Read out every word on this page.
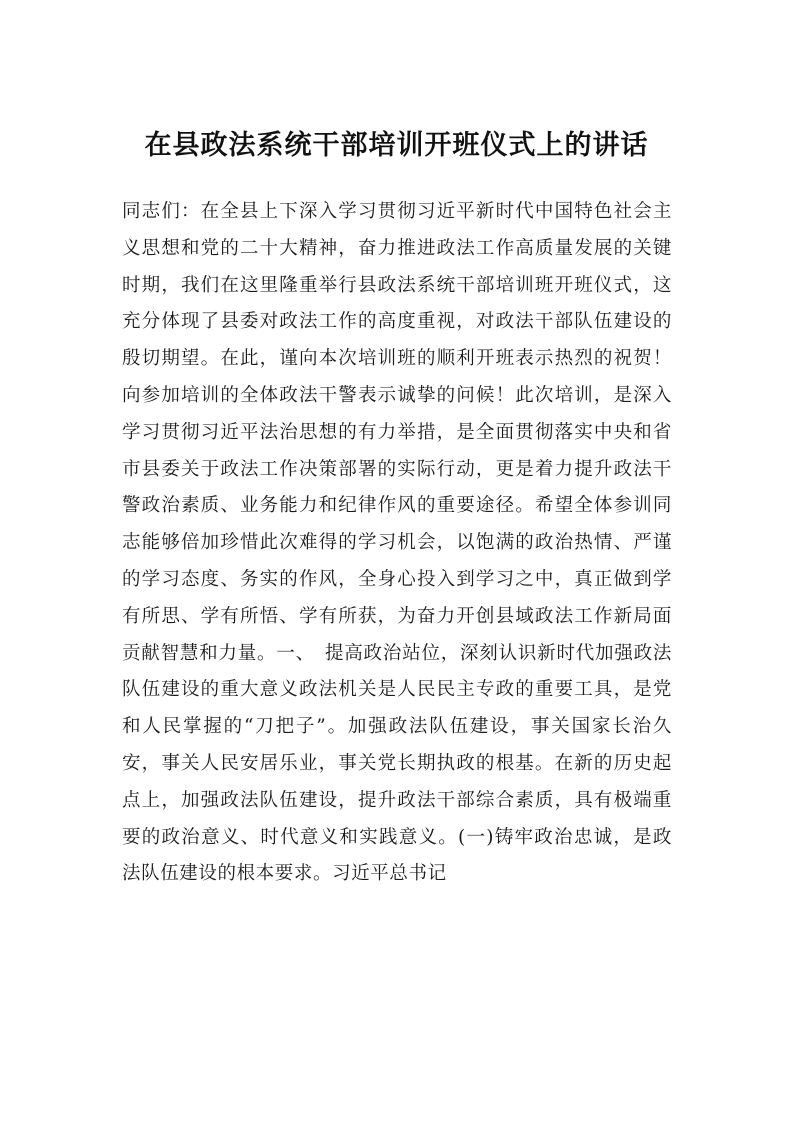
在县政法系统干部培训开班仪式上的讲话

同志们：在全县上下深入学习贯彻习近平新时代中国特色社会主义思想和党的二十大精神，奋力推进政法工作高质量发展的关键时期，我们在这里隆重举行县政法系统干部培训班开班仪式，这充分体现了县委对政法工作的高度重视，对政法干部队伍建设的殷切期望。在此，谨向本次培训班的顺利开班表示热烈的祝贺！向参加培训的全体政法干警表示诚挚的问候！此次培训，是深入学习贯彻习近平法治思想的有力举措，是全面贯彻落实中央和省市县委关于政法工作决策部署的实际行动，更是着力提升政法干警政治素质、业务能力和纪律作风的重要途径。希望全体参训同志能够倍加珍惜此次难得的学习机会，以饱满的政治热情、严谨的学习态度、务实的作风，全身心投入到学习之中，真正做到学有所思、学有所悟、学有所获，为奋力开创县域政法工作新局面贡献智慧和力量。一、　提高政治站位，深刻认识新时代加强政法队伍建设的重大意义政法机关是人民民主专政的重要工具，是党和人民掌握的“刀把子”。加强政法队伍建设，事关国家长治久安，事关人民安居乐业，事关党长期执政的根基。在新的历史起点上，加强政法队伍建设，提升政法干部综合素质，具有极端重要的政治意义、时代意义和实践意义。(一)铸牢政治忠诚，是政法队伍建设的根本要求。习近平总书记
